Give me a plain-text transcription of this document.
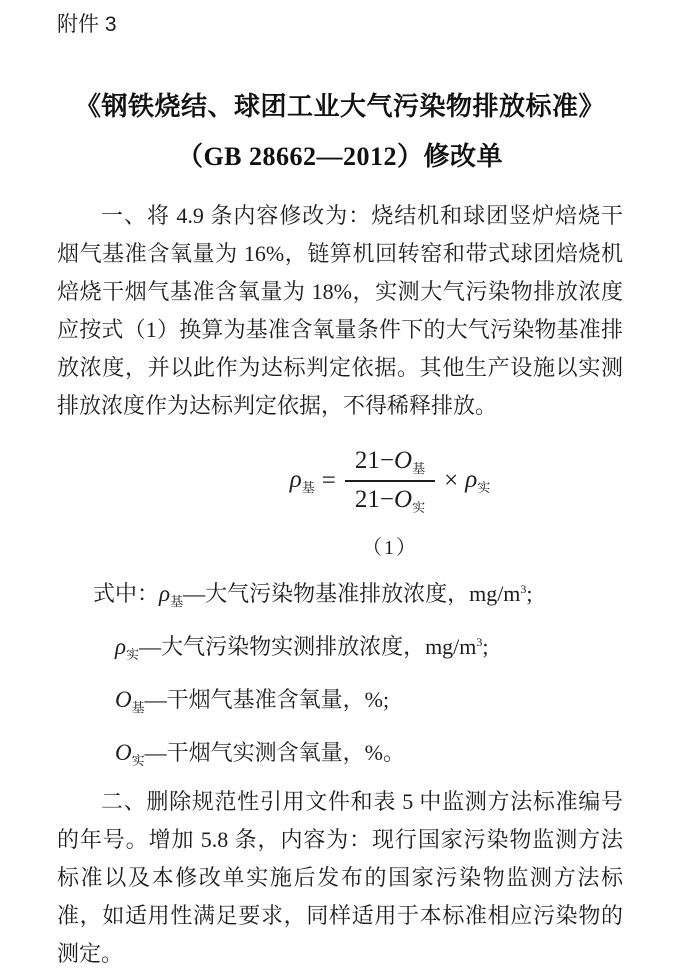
附件 3
《钢铁烧结、球团工业大气污染物排放标准》
（GB 28662—2012）修改单

一、将 4.9 条内容修改为：烧结机和球团竖炉焙烧干烟气基准含氧量为 16%，链箅机回转窑和带式球团焙烧机焙烧干烟气基准含氧量为 18%，实测大气污染物排放浓度应按式（1）换算为基准含氧量条件下的大气污染物基准排放浓度，并以此作为达标判定依据。其他生产设施以实测排放浓度作为达标判定依据，不得稀释排放。

$\rho_基 = \frac{21-O_基}{21-O_实} \times \rho_实$
（1）
式中：$\rho_基—$大气污染物基准排放浓度，$mg/m^3$;
$\rho_实—$大气污染物实测排放浓度，$mg/m^3$;
$O_基—$干烟气基准含氧量，%;
$O_实—$干烟气实测含氧量，%。

二、删除规范性引用文件和表 5 中监测方法标准编号的年号。增加 5.8 条，内容为：现行国家污染物监测方法标准以及本修改单实施后发布的国家污染物监测方法标准，如适用性满足要求，同样适用于本标准相应污染物的测定。
